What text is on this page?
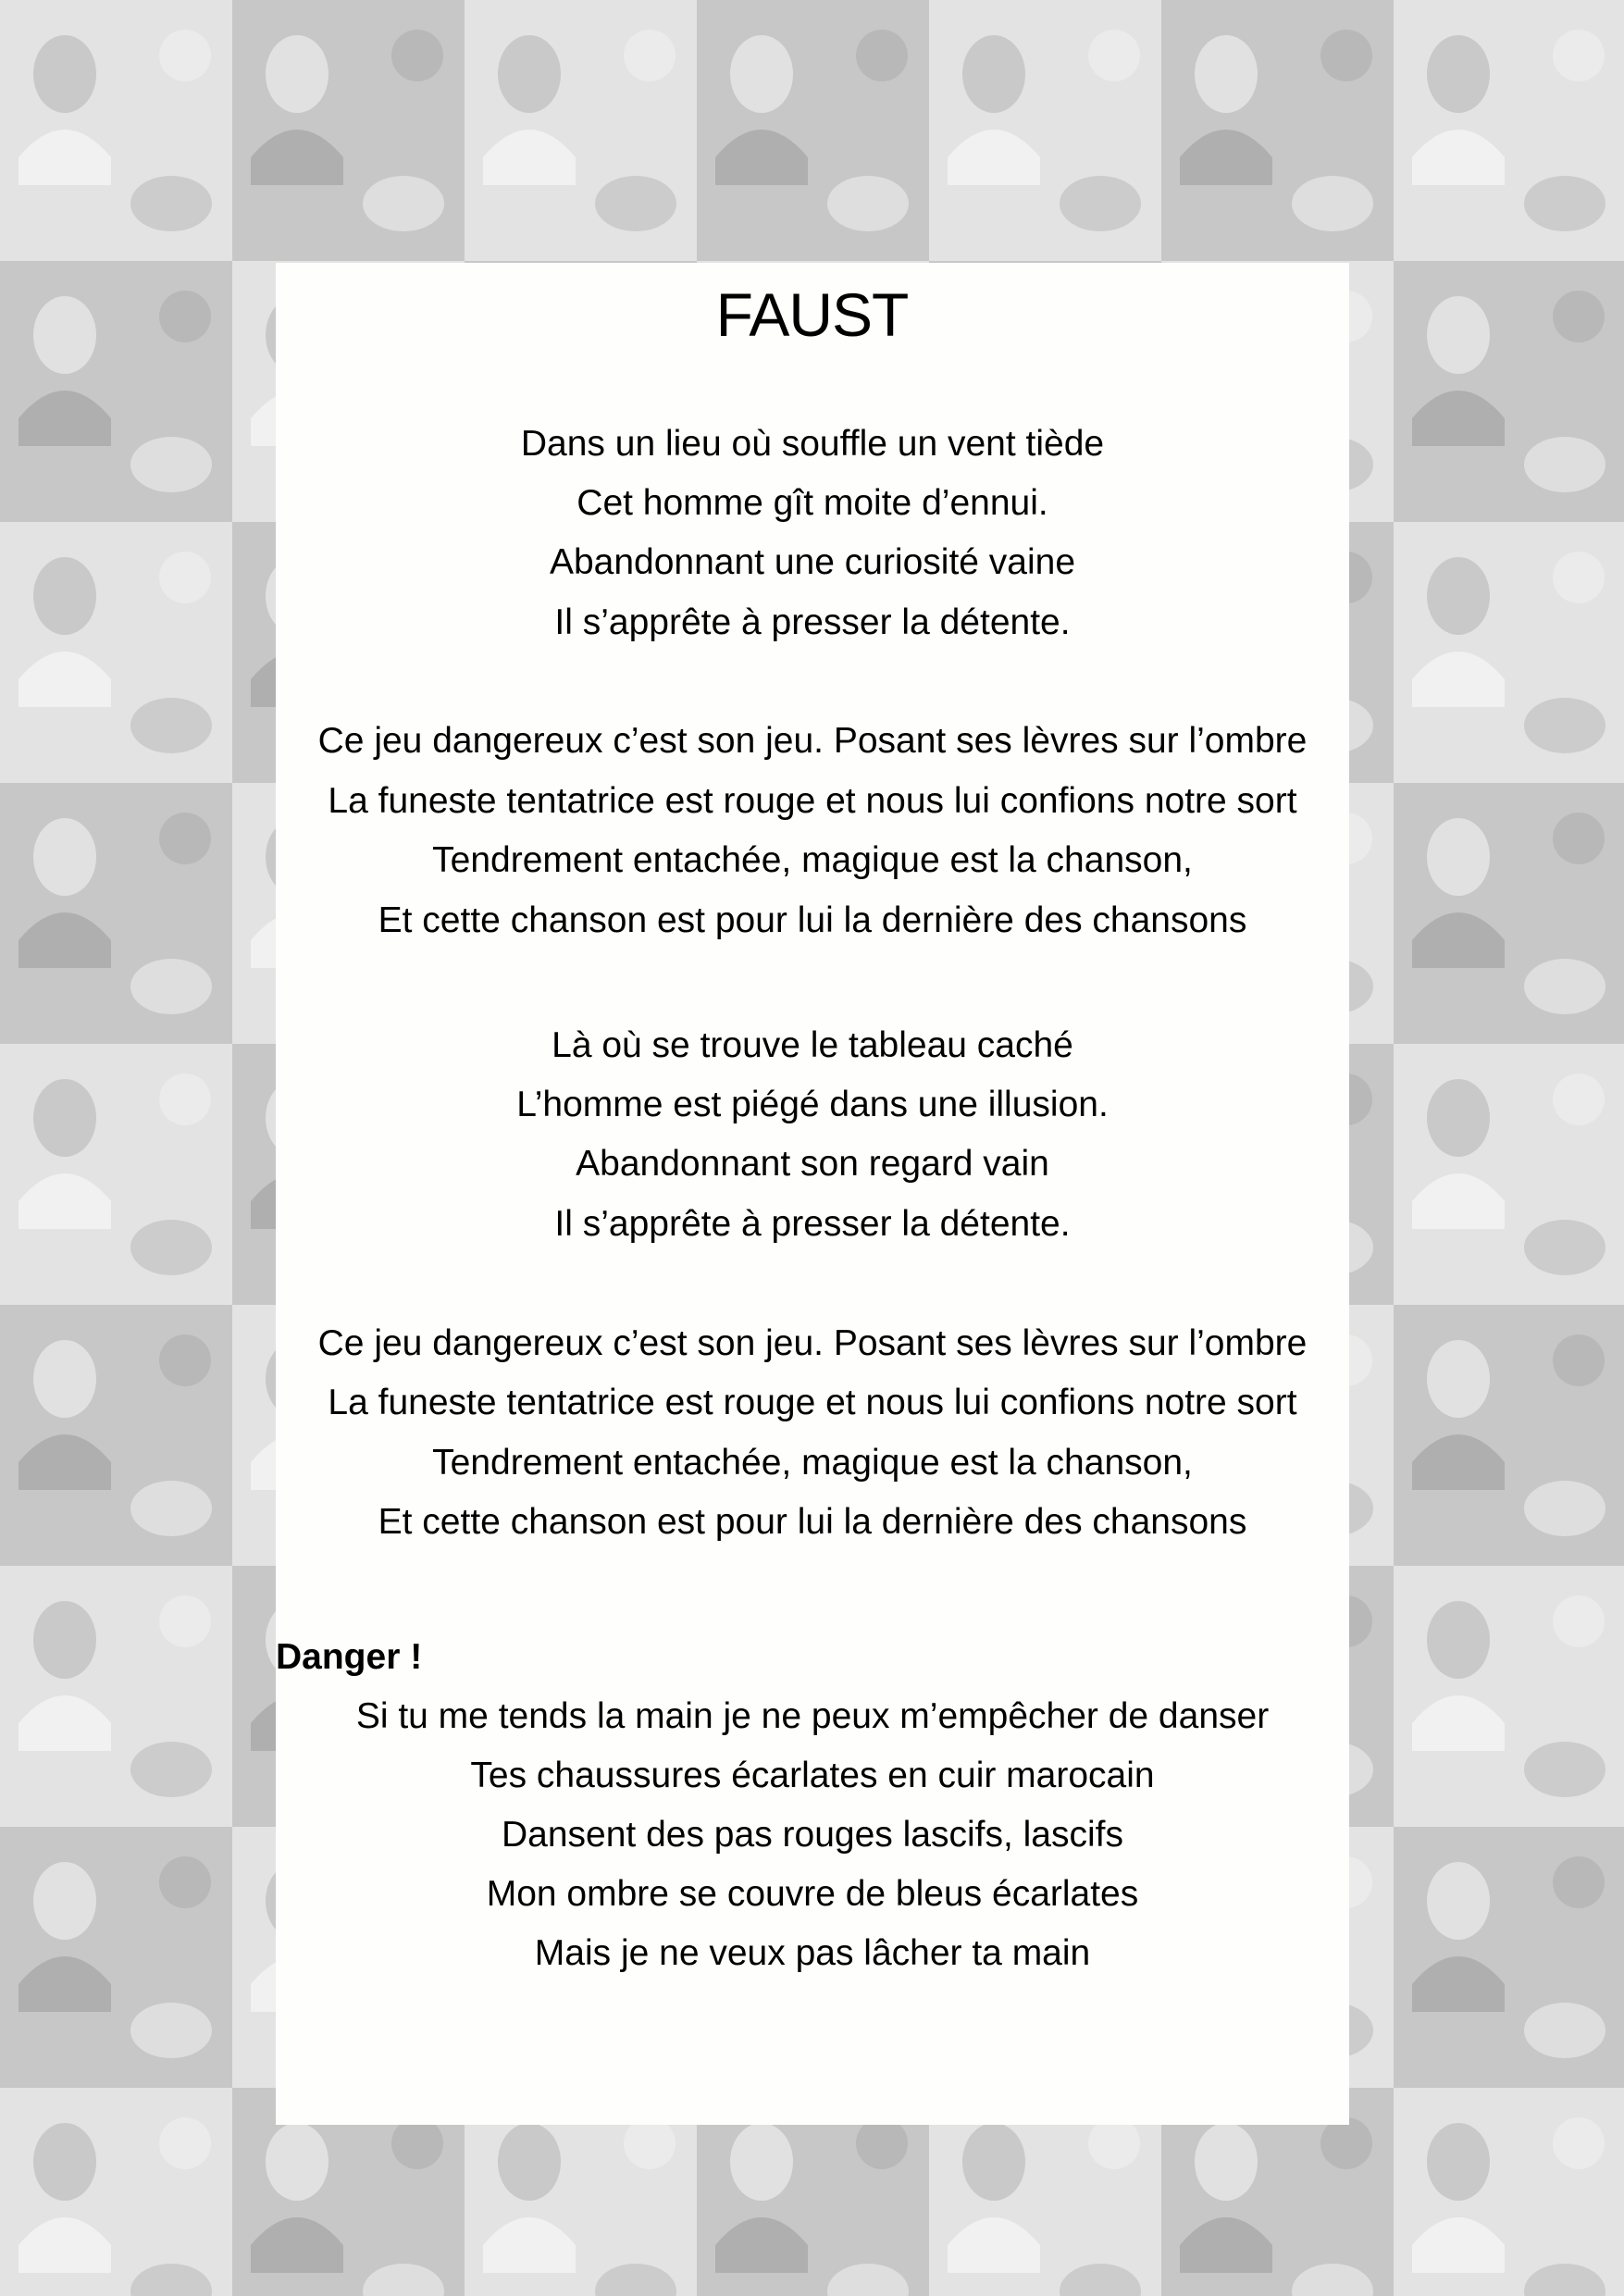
FAUST
Dans un lieu où souffle un vent tiède
Cet homme gît moite d’ennui.
Abandonnant une curiosité vaine
Il s’apprête à presser la détente.
Ce jeu dangereux c’est son jeu. Posant ses lèvres sur l’ombre
La funeste tentatrice est rouge et nous lui confions notre sort
Tendrement entachée, magique est la chanson,
Et cette chanson est pour lui la dernière des chansons
Là où se trouve le tableau caché
L’homme est piégé dans une illusion.
Abandonnant son regard vain
Il s’apprête à presser la détente.
Ce jeu dangereux c’est son jeu. Posant ses lèvres sur l’ombre
La funeste tentatrice est rouge et nous lui confions notre sort
Tendrement entachée, magique est la chanson,
Et cette chanson est pour lui la dernière des chansons
Danger !
Si tu me tends la main je ne peux m’empêcher de danser
Tes chaussures écarlates en cuir marocain
Dansent des pas rouges lascifs, lascifs
Mon ombre se couvre de bleus écarlates
Mais je ne veux pas lâcher ta main
